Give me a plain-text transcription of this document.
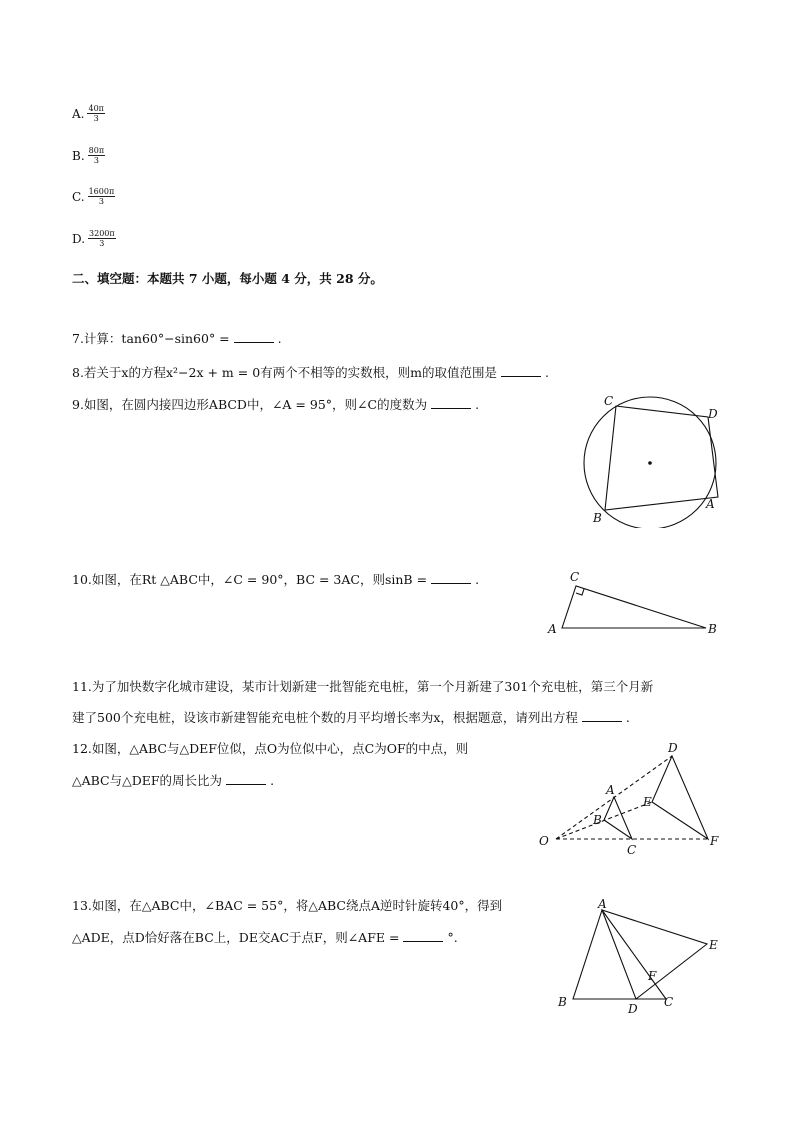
A. $\frac{40\pi}{3}$
B. $\frac{80\pi}{3}$
C. $\frac{1600\pi}{3}$
D. $\frac{3200\pi}{3}$
二、填空题：本题共 7 小题，每小题 4 分，共 28 分。
7.计算：tan60°−sin60° =	.
8.若关于x的方程x²−2x + m = 0有两个不相等的实数根，则m的取值范围是	.
9.如图，在圆内接四边形ABCD中，∠A = 95°，则∠C的度数为	.	C
D
A
B
10.如图，在Rt △ABC中，∠C = 90°，BC = 3AC，则sinB =	.	C
A	B
11.为了加快数字化城市建设，某市计划新建一批智能充电桩，第一个月新建了301个充电桩，第三个月新
建了500个充电桩，设该市新建智能充电桩个数的月平均增长率为x，根据题意，请列出方程	.
12.如图，△ABC与△DEF位似，点O为位似中心，点C为OF的中点，则
△ABC与△DEF的周长比为	.
D
A
E
B
O
C
F
13.如图，在△ABC中，∠BAC = 55°，将△ABC绕点A逆时针旋转40°，得到
△ADE，点D恰好落在BC上，DE交AC于点F，则∠AFE =	°.
A
E
F
B	D C
